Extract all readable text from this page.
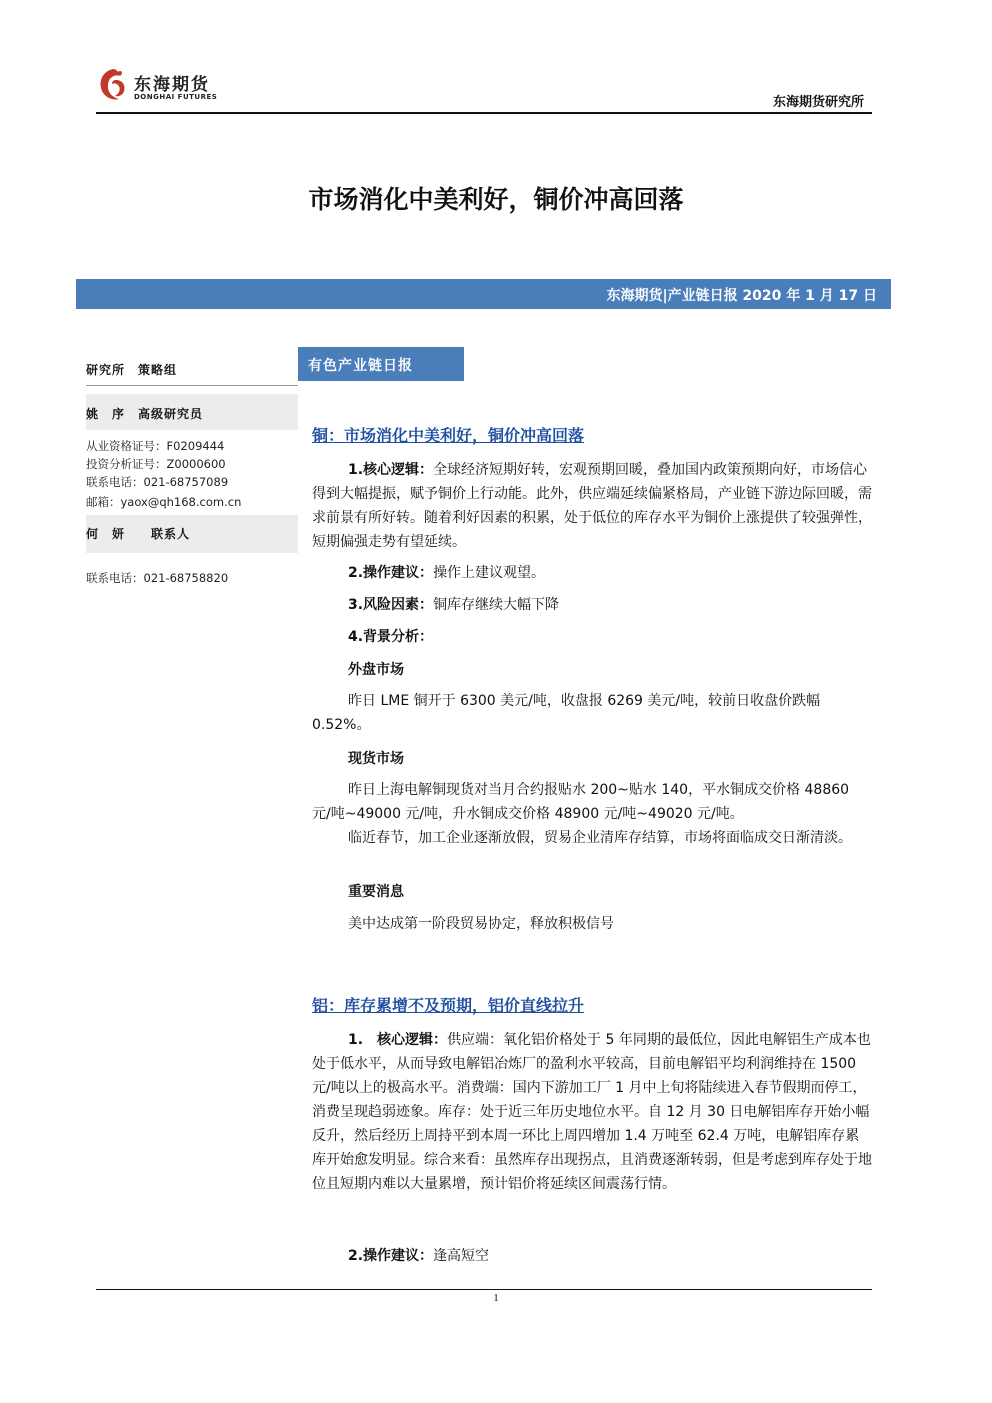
东海期货
DONGHAI FUTURES	东海期货研究所
市场消化中美利好，铜价冲高回落
东海期货|产业链日报 2020 年 1 月 17 日
研究所　策略组
姚　序　高级研究员
从业资格证号：F0209444
投资分析证号：Z0000600
联系电话：021-68757089
邮箱：yaox@qh168.com.cn
何　妍　　联系人
联系电话：021-68758820
有色产业链日报
铜：市场消化中美利好，铜价冲高回落
1.核心逻辑：全球经济短期好转，宏观预期回暖，叠加国内政策预期向好，市场信心得到大幅提振，赋予铜价上行动能。此外，供应端延续偏紧格局，产业链下游边际回暖，需求前景有所好转。随着利好因素的积累，处于低位的库存水平为铜价上涨提供了较强弹性，短期偏强走势有望延续。
2.操作建议：操作上建议观望。
3.风险因素：铜库存继续大幅下降
4.背景分析：
外盘市场
昨日 LME 铜开于 6300 美元/吨，收盘报 6269 美元/吨，较前日收盘价跌幅 0.52%。
现货市场
昨日上海电解铜现货对当月合约报贴水 200~贴水 140，平水铜成交价格 48860 元/吨~49000 元/吨，升水铜成交价格 48900 元/吨~49020 元/吨。
临近春节，加工企业逐渐放假，贸易企业清库存结算，市场将面临成交日渐清淡。
重要消息
美中达成第一阶段贸易协定，释放积极信号
铝：库存累增不及预期，铝价直线拉升
1.　核心逻辑：供应端：氧化铝价格处于 5 年同期的最低位，因此电解铝生产成本也处于低水平，从而导致电解铝冶炼厂的盈利水平较高，目前电解铝平均利润维持在 1500 元/吨以上的极高水平。消费端：国内下游加工厂 1 月中上旬将陆续进入春节假期而停工，消费呈现趋弱迹象。库存：处于近三年历史地位水平。自 12 月 30 日电解铝库存开始小幅反升，然后经历上周持平到本周一环比上周四增加 1.4 万吨至 62.4 万吨，电解铝库存累库开始愈发明显。综合来看：虽然库存出现拐点，且消费逐渐转弱，但是考虑到库存处于地位且短期内难以大量累增，预计铝价将延续区间震荡行情。
2.操作建议：逢高短空
1
